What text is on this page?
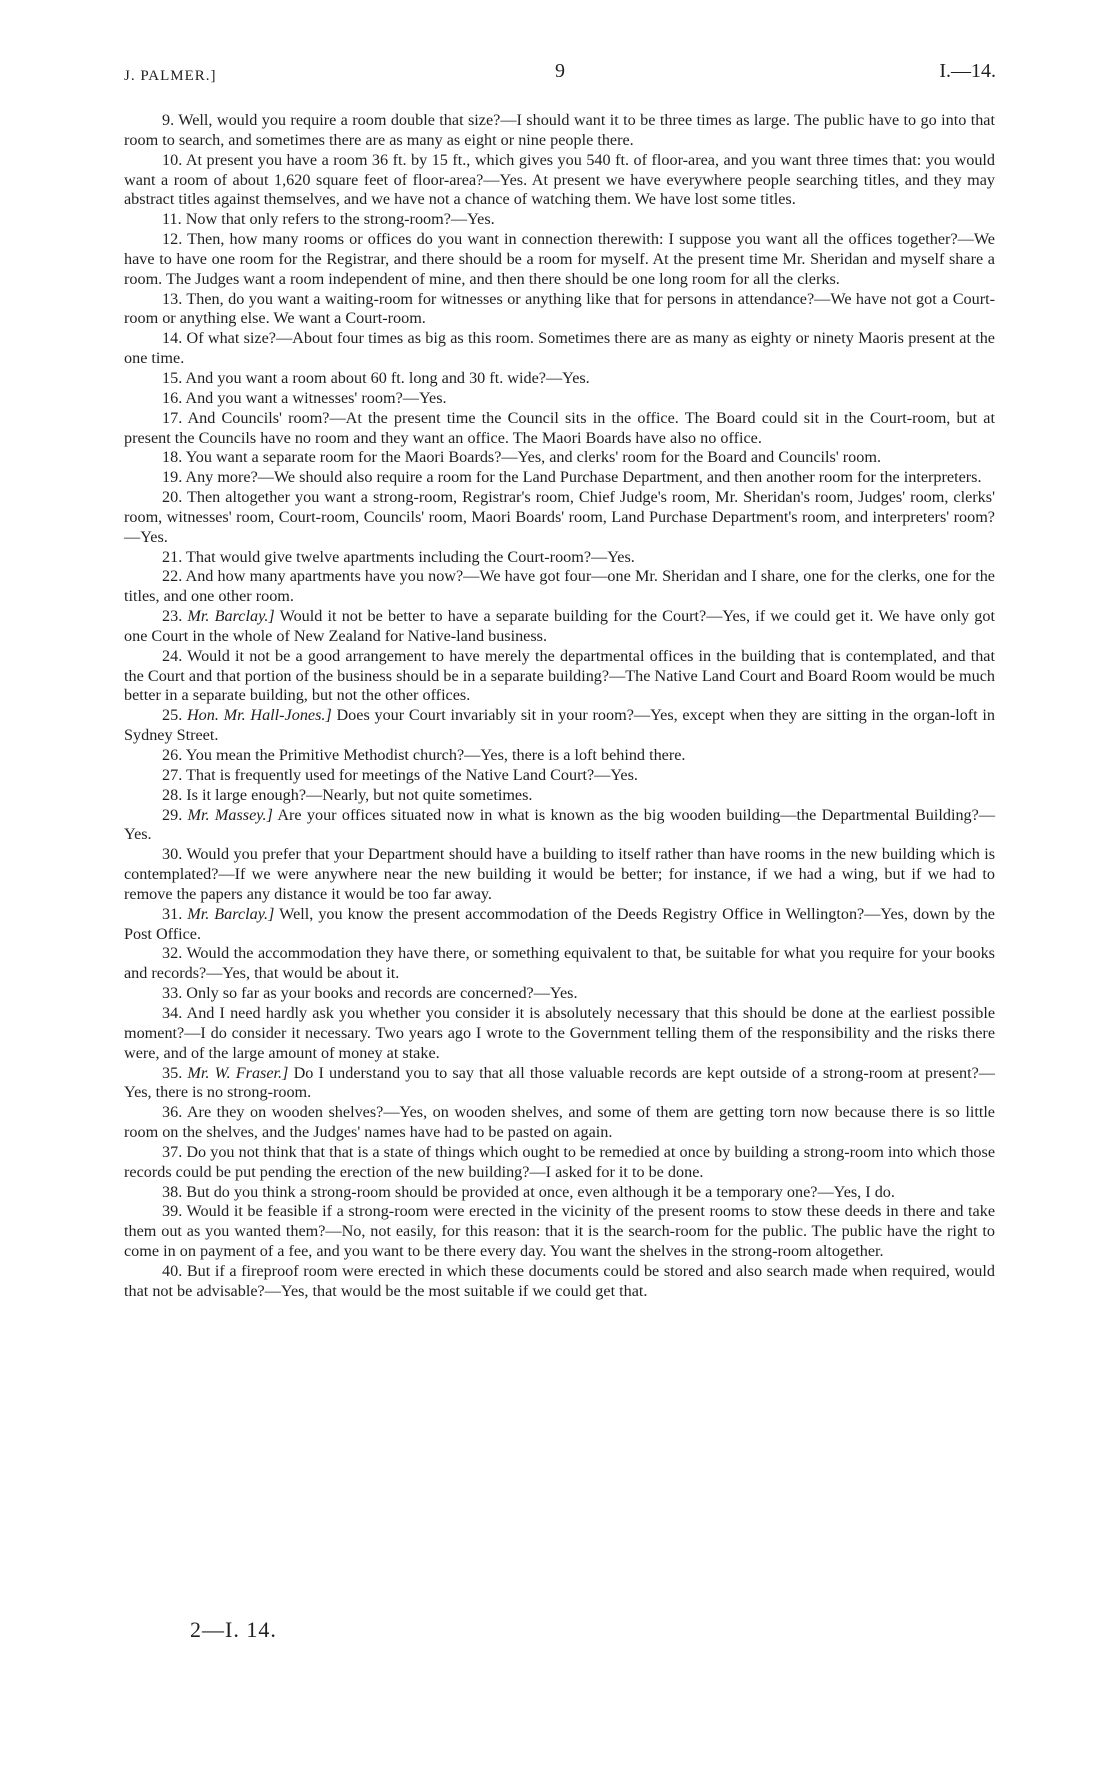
J. PALMER.]	9	I.—14.

9. Well, would you require a room double that size?—I should want it to be three times as large. The public have to go into that room to search, and sometimes there are as many as eight or nine people there.

10. At present you have a room 36 ft. by 15 ft., which gives you 540 ft. of floor-area, and you want three times that: you would want a room of about 1,620 square feet of floor-area?—Yes. At present we have everywhere people searching titles, and they may abstract titles against themselves, and we have not a chance of watching them. We have lost some titles.

11. Now that only refers to the strong-room?—Yes.

12. Then, how many rooms or offices do you want in connection therewith: I suppose you want all the offices together?—We have to have one room for the Registrar, and there should be a room for myself. At the present time Mr. Sheridan and myself share a room. The Judges want a room independent of mine, and then there should be one long room for all the clerks.

13. Then, do you want a waiting-room for witnesses or anything like that for persons in attendance?—We have not got a Court-room or anything else. We want a Court-room.

14. Of what size?—About four times as big as this room. Sometimes there are as many as eighty or ninety Maoris present at the one time.

15. And you want a room about 60 ft. long and 30 ft. wide?—Yes.

16. And you want a witnesses' room?—Yes.

17. And Councils' room?—At the present time the Council sits in the office. The Board could sit in the Court-room, but at present the Councils have no room and they want an office. The Maori Boards have also no office.

18. You want a separate room for the Maori Boards?—Yes, and clerks' room for the Board and Councils' room.

19. Any more?—We should also require a room for the Land Purchase Department, and then another room for the interpreters.

20. Then altogether you want a strong-room, Registrar's room, Chief Judge's room, Mr. Sheridan's room, Judges' room, clerks' room, witnesses' room, Court-room, Councils' room, Maori Boards' room, Land Purchase Department's room, and interpreters' room?—Yes.

21. That would give twelve apartments including the Court-room?—Yes.

22. And how many apartments have you now?—We have got four—one Mr. Sheridan and I share, one for the clerks, one for the titles, and one other room.

23. Mr. Barclay.] Would it not be better to have a separate building for the Court?—Yes, if we could get it. We have only got one Court in the whole of New Zealand for Native-land business.

24. Would it not be a good arrangement to have merely the departmental offices in the building that is contemplated, and that the Court and that portion of the business should be in a separate building?—The Native Land Court and Board Room would be much better in a separate building, but not the other offices.

25. Hon. Mr. Hall-Jones.] Does your Court invariably sit in your room?—Yes, except when they are sitting in the organ-loft in Sydney Street.

26. You mean the Primitive Methodist church?—Yes, there is a loft behind there.

27. That is frequently used for meetings of the Native Land Court?—Yes.

28. Is it large enough?—Nearly, but not quite sometimes.

29. Mr. Massey.] Are your offices situated now in what is known as the big wooden building—the Departmental Building?—Yes.

30. Would you prefer that your Department should have a building to itself rather than have rooms in the new building which is contemplated?—If we were anywhere near the new building it would be better; for instance, if we had a wing, but if we had to remove the papers any distance it would be too far away.

31. Mr. Barclay.] Well, you know the present accommodation of the Deeds Registry Office in Wellington?—Yes, down by the Post Office.

32. Would the accommodation they have there, or something equivalent to that, be suitable for what you require for your books and records?—Yes, that would be about it.

33. Only so far as your books and records are concerned?—Yes.

34. And I need hardly ask you whether you consider it is absolutely necessary that this should be done at the earliest possible moment?—I do consider it necessary. Two years ago I wrote to the Government telling them of the responsibility and the risks there were, and of the large amount of money at stake.

35. Mr. W. Fraser.] Do I understand you to say that all those valuable records are kept outside of a strong-room at present?—Yes, there is no strong-room.

36. Are they on wooden shelves?—Yes, on wooden shelves, and some of them are getting torn now because there is so little room on the shelves, and the Judges' names have had to be pasted on again.

37. Do you not think that that is a state of things which ought to be remedied at once by building a strong-room into which those records could be put pending the erection of the new building?—I asked for it to be done.

38. But do you think a strong-room should be provided at once, even although it be a temporary one?—Yes, I do.

39. Would it be feasible if a strong-room were erected in the vicinity of the present rooms to stow these deeds in there and take them out as you wanted them?—No, not easily, for this reason: that it is the search-room for the public. The public have the right to come in on payment of a fee, and you want to be there every day. You want the shelves in the strong-room altogether.

40. But if a fireproof room were erected in which these documents could be stored and also search made when required, would that not be advisable?—Yes, that would be the most suitable if we could get that.

2—I. 14.
